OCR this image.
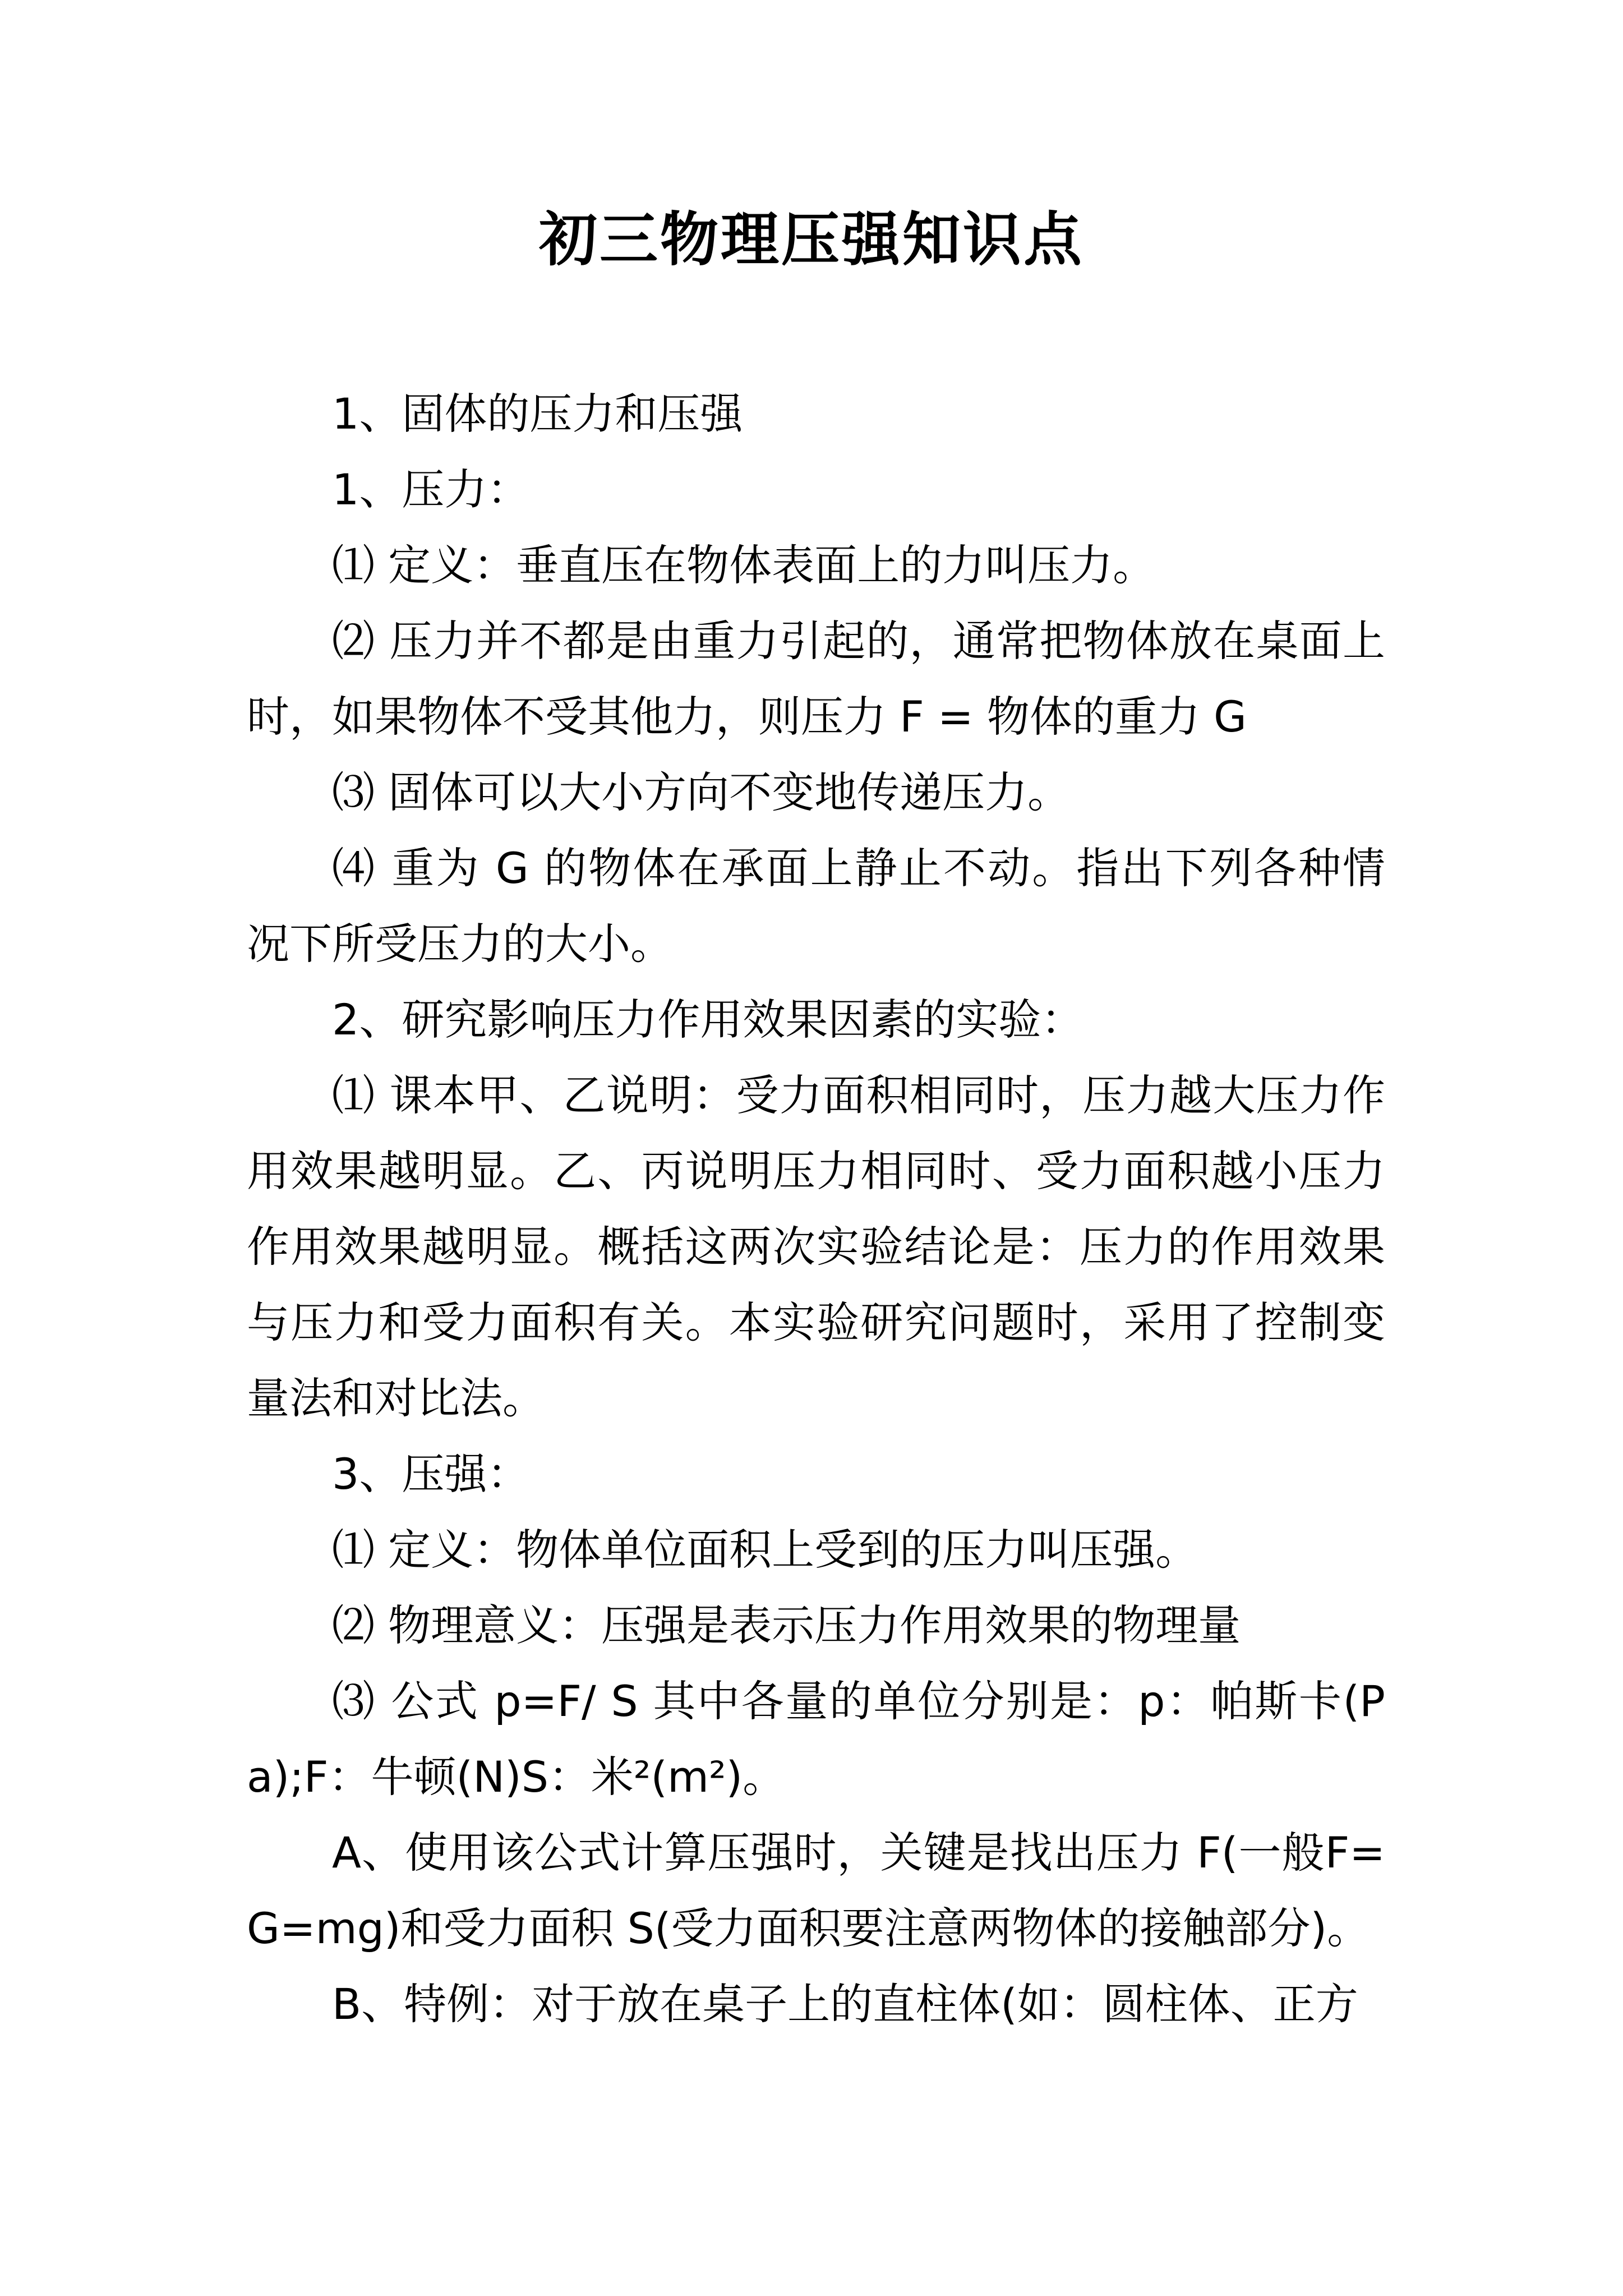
初三物理压强知识点

1、固体的压力和压强

1、压力：

⑴ 定义：垂直压在物体表面上的力叫压力。

⑵ 压力并不都是由重力引起的，通常把物体放在桌面上时，如果物体不受其他力，则压力 F = 物体的重力 G

⑶ 固体可以大小方向不变地传递压力。

⑷ 重为 G 的物体在承面上静止不动。指出下列各种情况下所受压力的大小。

2、研究影响压力作用效果因素的实验：

⑴ 课本甲、乙说明：受力面积相同时，压力越大压力作用效果越明显。乙、丙说明压力相同时、受力面积越小压力作用效果越明显。概括这两次实验结论是：压力的作用效果与压力和受力面积有关。本实验研究问题时，采用了控制变量法和对比法。

3、压强：

⑴ 定义：物体单位面积上受到的压力叫压强。

⑵ 物理意义：压强是表示压力作用效果的物理量

⑶ 公式 p=F/ S 其中各量的单位分别是：p：帕斯卡(Pa);F：牛顿(N)S：米²(m²)。

A、使用该公式计算压强时，关键是找出压力 F(一般F=G=mg)和受力面积 S(受力面积要注意两物体的接触部分)。

B、特例：对于放在桌子上的直柱体(如：圆柱体、正方
